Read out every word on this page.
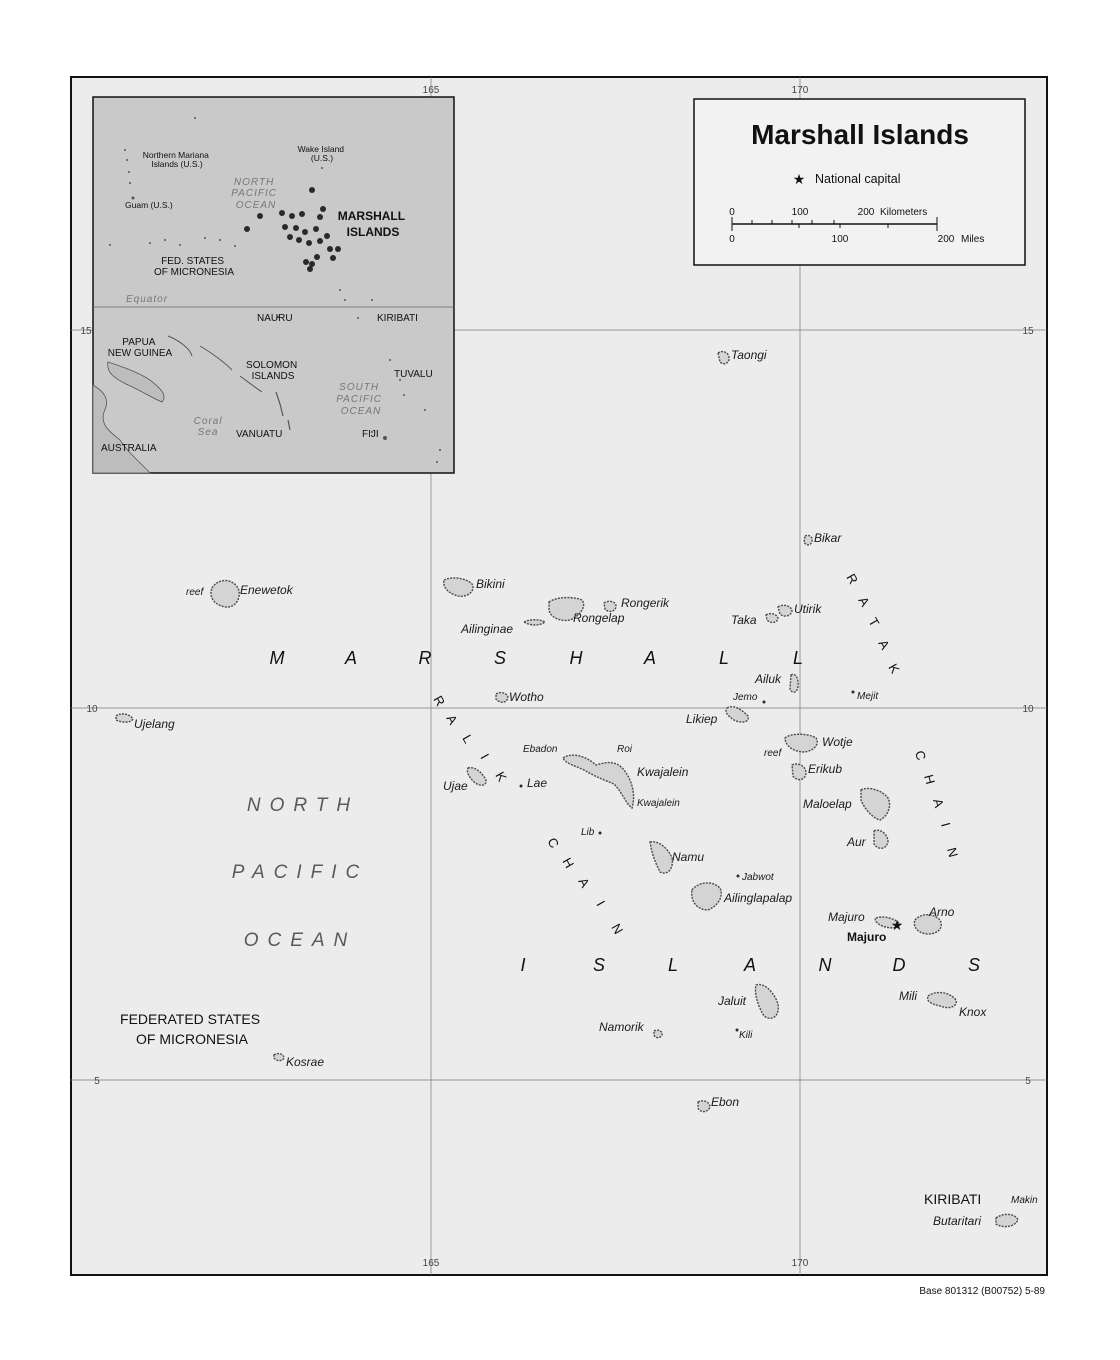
165	170
165	170
15
10
5
15
10
5
Northern Mariana Islands (U.S.)
Wake Island (U.S.)
Guam (U.S.)
NORTH PACIFIC OCEAN
MARSHALL ISLANDS
FED. STATES OF MICRONESIA
Equator
NAURU	KIRIBATI
PAPUA NEW GUINEA
SOLOMON ISLANDS	TUVALU
SOUTH PACIFIC OCEAN
Coral Sea	VANUATU	FIJI
AUSTRALIA
Marshall Islands
★ National capital
0	100	200 Kilometers
0	100	200 Miles
★
Taongi
Bikar
Enewetok
reef
Bikini
Rongerik
Ailinginae
Rongelap
Utirik
Taka
Ailuk
Jemo	Mejit
Wotho
Ujelang	Likiep
Ebadon	Roi
Wotje
reef
Kwajalein
Kwajalein
Erikub
Ujae	Lae
Maloelap
Lib
Aur
Namu
Jabwot
Ailinglapalap
Majuro
Majuro
Arno
Jaluit	Mili
Knox
Namorik
Kili
Kosrae
Ebon
Makin
Butaritari
M	A	R	S	H	A	L	L
I	S	L	A	N	D	S
R
A
L
I
K
C
H
A
I
N
R
A
T
A
K
C
H
A
I
N
NORTH
PACIFIC
OCEAN
FEDERATED STATES OF MICRONESIA
KIRIBATI
Base 801312 (B00752) 5-89
